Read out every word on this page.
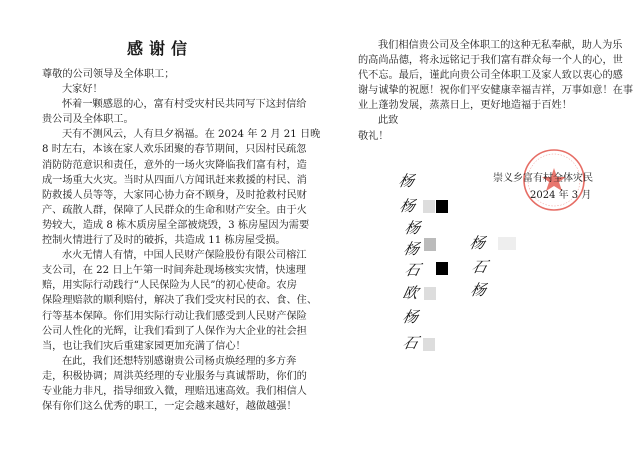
感谢信
尊敬的公司领导及全体职工；
大家好！
怀着一颗感恩的心，富有村受灾村民共同写下这封信给
贵公司及全体职工。
天有不测风云，人有旦夕祸福。在 2024 年 2 月 21 日晚
8 时左右，本该在家人欢乐团聚的春节期间，只因村民疏忽
消防防范意识和责任，意外的一场火灾降临我们富有村，造
成一场重大火灾。当时从四面八方闻讯赶来救援的村民、消
防救援人员等等，大家同心协力奋不顾身，及时抢救村民财
产、疏散人群，保障了人民群众的生命和财产安全。由于火
势较大，造成 8 栋木质房屋全部被烧毁，3 栋房屋因为需要
控制火情进行了及时的破拆，共造成 11 栋房屋受损。
水火无情人有情，中国人民财产保险股份有限公司榕江
支公司，在 22 日上午第一时间奔赴现场核实灾情，快速理
赔，用实际行动践行“人民保险为人民”的初心使命。农房
保险理赔款的顺利赔付，解决了我们受灾村民的衣、食、住、
行等基本保障。你们用实际行动让我们感受到人民财产保险
公司人性化的光辉，让我们看到了人保作为大企业的社会担
当，也让我们灾后重建家园更加充满了信心！
在此，我们还想特别感谢贵公司杨贞焕经理的多方奔
走，积极协调；周洪英经理的专业服务与真诚帮助，你们的
专业能力非凡，指导细致入微，理赔迅速高效。我们相信人
保有你们这么优秀的职工，一定会越来越好，越做越强！
我们相信贵公司及全体职工的这种无私奉献，助人为乐
的高尚品德，将永远铭记于我们富有群众每一个人的心，世
代不忘。最后，谨此向贵公司全体职工及家人致以衷心的感
谢与诚挚的祝愿！祝你们平安健康幸福吉祥，万事如意！在事
业上蓬勃发展，蒸蒸日上，更好地造福于百姓！
此致
敬礼！
崇义乡富有村全体灾民
2024 年 3 月
杨
杨
杨
杨
石
欧
杨
石
杨
石
杨
